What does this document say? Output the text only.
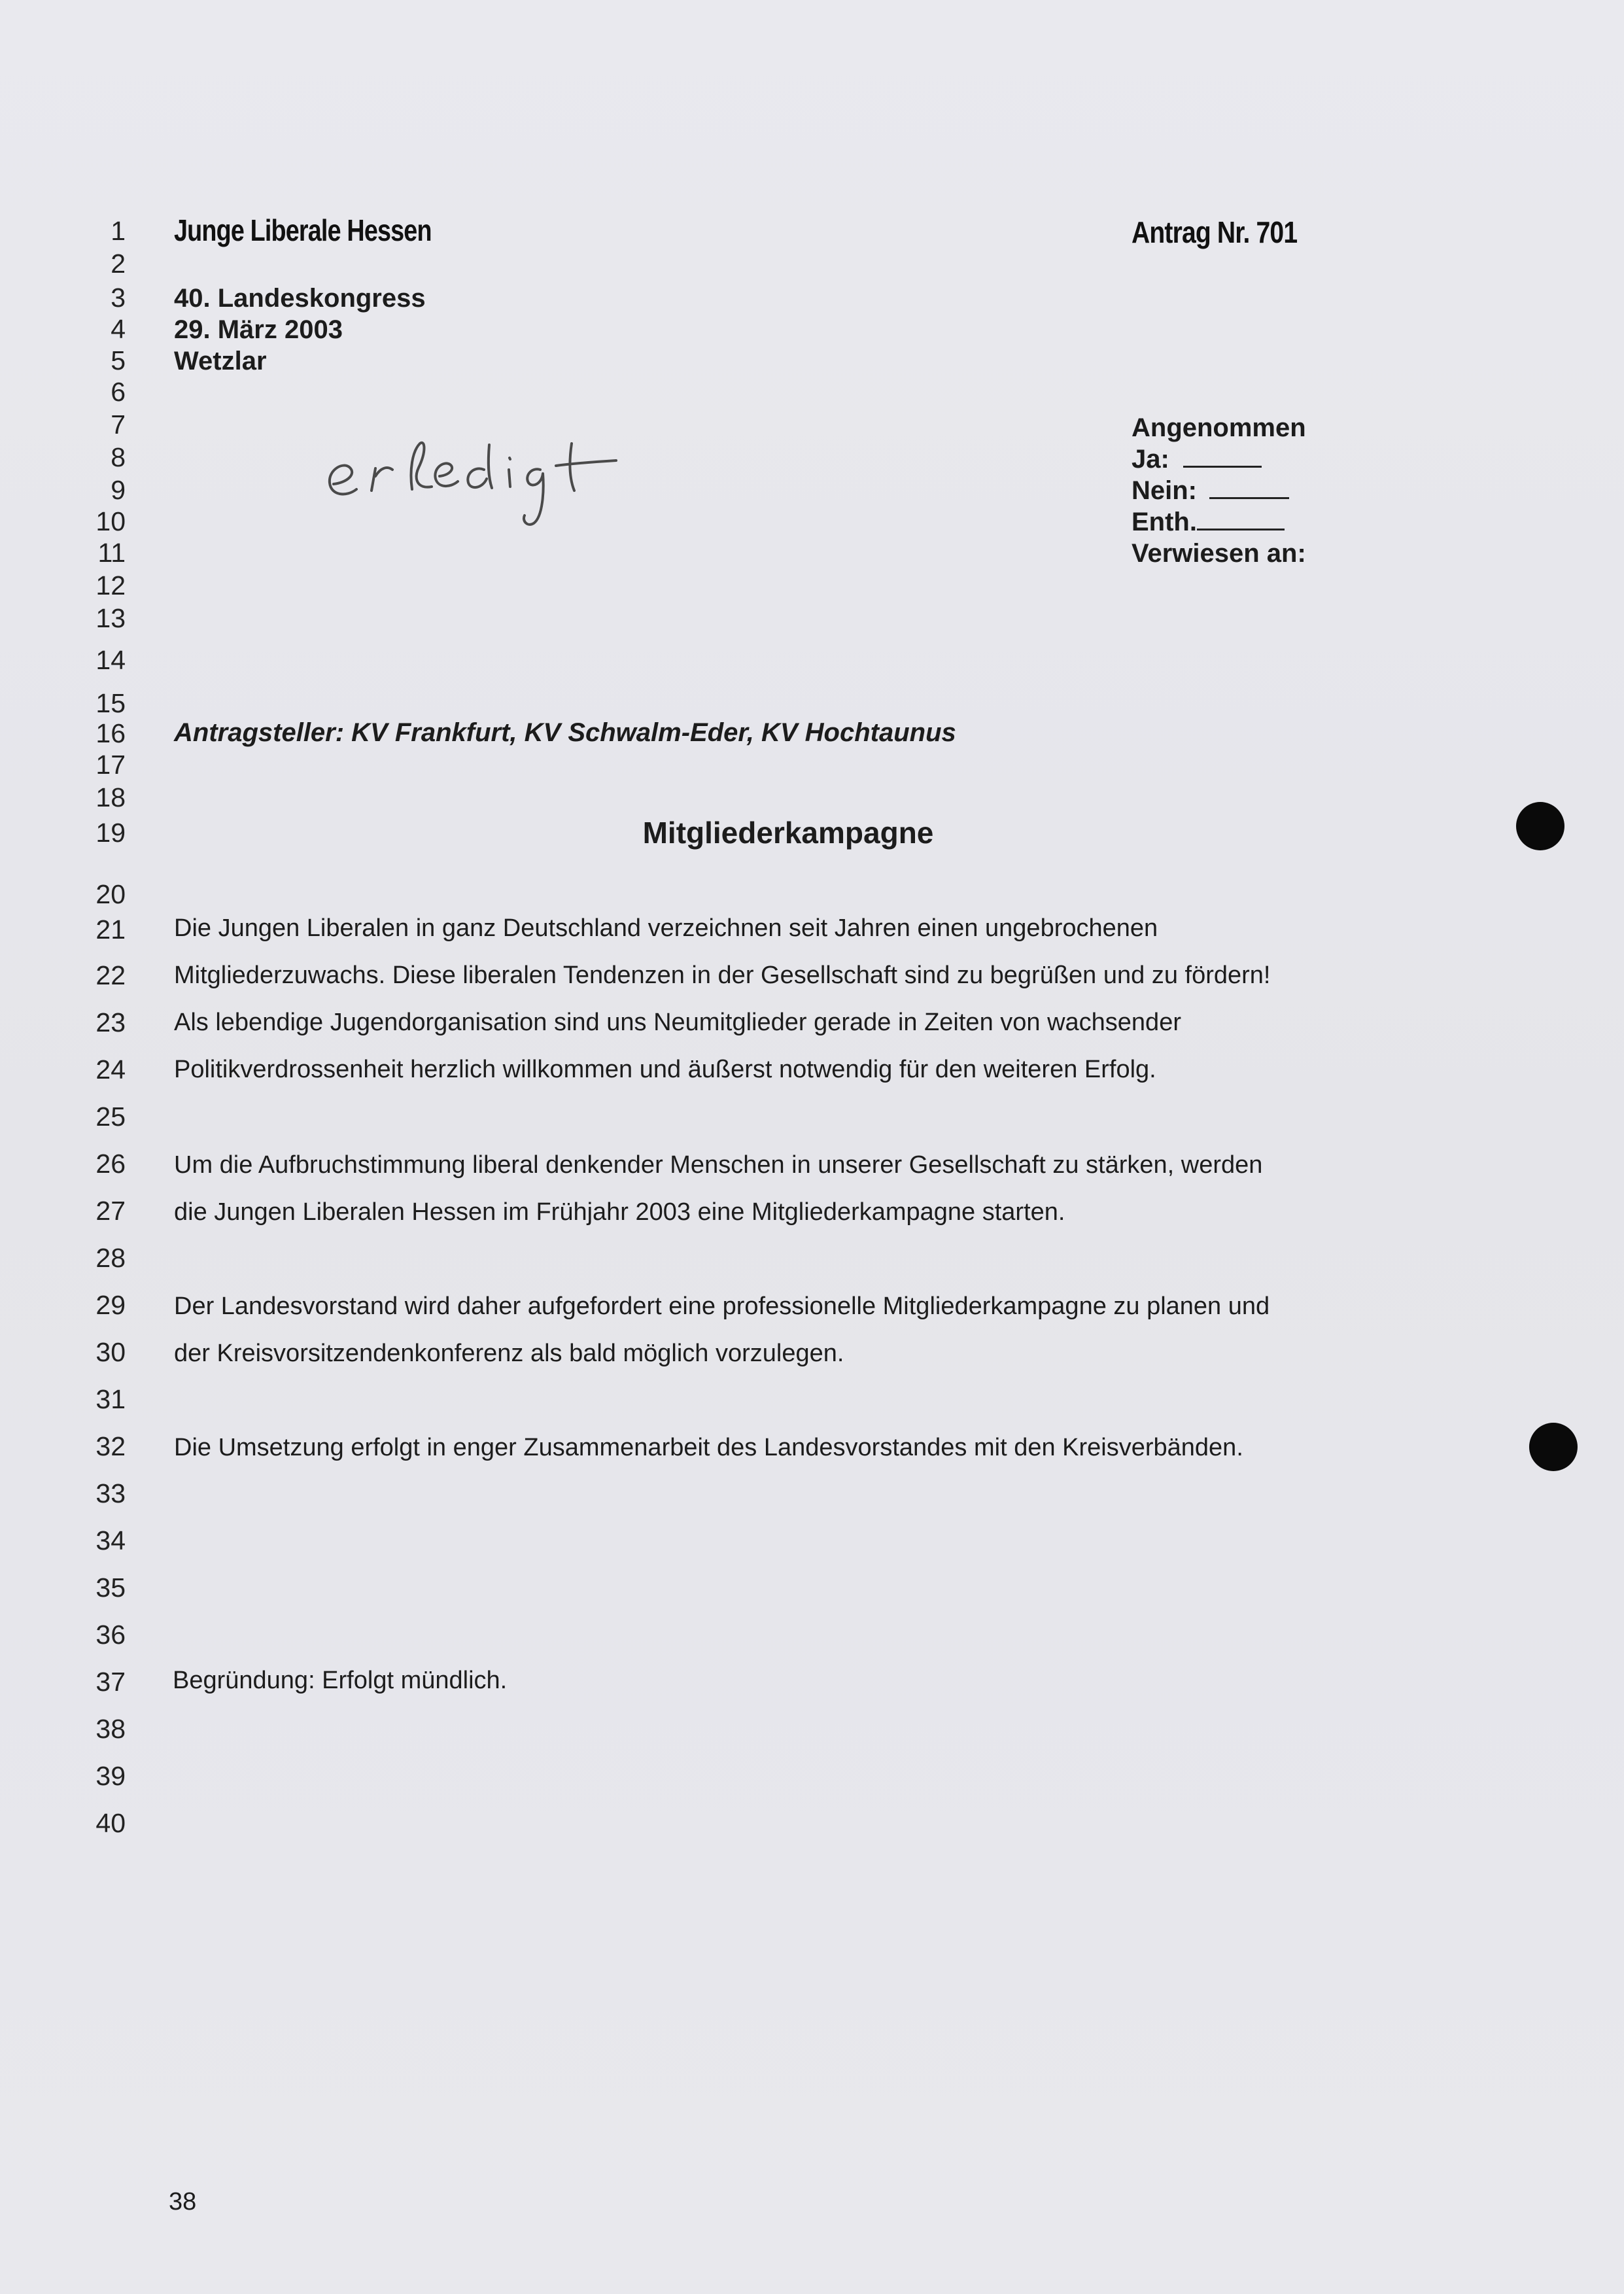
1
2
3
4
5
6
7
8
9
10
11
12
13
14
15
16
17
18
19
20
21
22
23
24
25
26
27
28
29
30
31
32
33
34
35
36
37
38
39
40
Junge Liberale Hessen	Antrag Nr. 701
40. Landeskongress
29. März 2003
Wetzlar
Angenommen
Ja:
Nein:
Enth.
Verwiesen an:
Antragsteller: KV Frankfurt, KV Schwalm-Eder, KV Hochtaunus
Mitgliederkampagne
Die Jungen Liberalen in ganz Deutschland verzeichnen seit Jahren einen ungebrochenen
Mitgliederzuwachs. Diese liberalen Tendenzen in der Gesellschaft sind zu begrüßen und zu fördern!
Als lebendige Jugendorganisation sind uns Neumitglieder gerade in Zeiten von wachsender
Politikverdrossenheit herzlich willkommen und äußerst notwendig für den weiteren Erfolg.
Um die Aufbruchstimmung liberal denkender Menschen in unserer Gesellschaft zu stärken, werden
die Jungen Liberalen Hessen im Frühjahr 2003 eine Mitgliederkampagne starten.
Der Landesvorstand wird daher aufgefordert eine professionelle Mitgliederkampagne zu planen und
der Kreisvorsitzendenkonferenz als bald möglich vorzulegen.
Die Umsetzung erfolgt in enger Zusammenarbeit des Landesvorstandes mit den Kreisverbänden.
Begründung: Erfolgt mündlich.
38
